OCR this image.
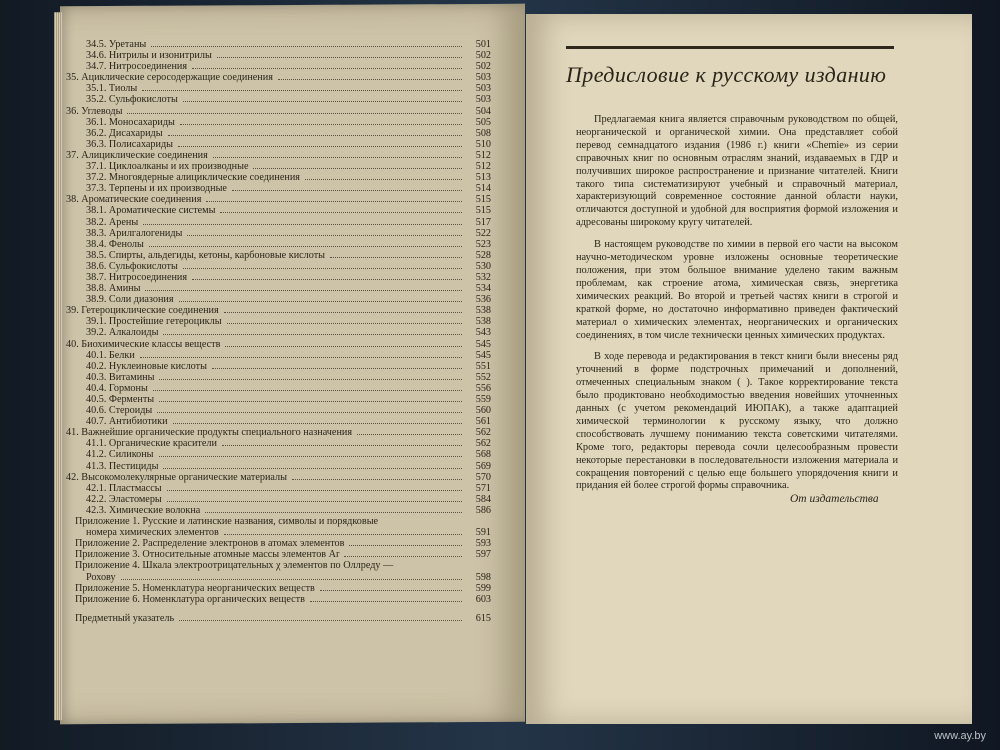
34.5. Уретаны	501
34.6. Нитрилы и изонитрилы	502
34.7. Нитросоединения	502
35. Ациклические серосодержащие соединения	503
35.1. Тиолы	503
35.2. Сульфокислоты	503
36. Углеводы	504
36.1. Моносахариды	505
36.2. Дисахариды	508
36.3. Полисахариды	510
37. Алициклические соединения	512
37.1. Циклоалканы и их производные	512
37.2. Многоядерные алициклические соединения	513
37.3. Терпены и их производные	514
38. Ароматические соединения	515
38.1. Ароматические системы	515
38.2. Арены	517
38.3. Арилгалогениды	522
38.4. Фенолы	523
38.5. Спирты, альдегиды, кетоны, карбоновые кислоты	528
38.6. Сульфокислоты	530
38.7. Нитросоединения	532
38.8. Амины	534
38.9. Соли диазония	536
39. Гетероциклические соединения	538
39.1. Простейшие гетероциклы	538
39.2. Алкалоиды	543
40. Биохимические классы веществ	545
40.1. Белки	545
40.2. Нуклеиновые кислоты	551
40.3. Витамины	552
40.4. Гормоны	556
40.5. Ферменты	559
40.6. Стероиды	560
40.7. Антибиотики	561
41. Важнейшие органические продукты специального назначения	562
41.1. Органические красители	562
41.2. Силиконы	568
41.3. Пестициды	569
42. Высокомолекулярные органические материалы	570
42.1. Пластмассы	571
42.2. Эластомеры	584
42.3. Химические волокна	586
Приложение 1. Русские и латинские названия, символы и порядковые
номера химических элементов	591
Приложение 2. Распределение электронов в атомах элементов	593
Приложение 3. Относительные атомные массы элементов Ar	597
Приложение 4. Шкала электроотрицательных χ элементов по Оллреду —
Рохову	598
Приложение 5. Номенклатура неорганических веществ	599
Приложение 6. Номенклатура органических веществ	603
Предметный указатель	615
Предисловие к русскому изданию

Предлагаемая книга является справочным руководством по общей, неорганической и органической химии. Она представляет собой перевод семнадцатого издания (1986 г.) книги «Chemie» из серии справочных книг по основным отраслям знаний, издаваемых в ГДР и получивших широкое распространение и признание читателей. Книги такого типа систематизируют учебный и справочный материал, характеризующий современное состояние данной области науки, отличаются доступной и удобной для восприятия формой изложения и адресованы широкому кругу читателей.

В настоящем руководстве по химии в первой его части на высоком научно-методическом уровне изложены основные теоретические положения, при этом большое внимание уделено таким важным проблемам, как строение атома, химическая связь, энергетика химических реакций. Во второй и третьей частях книги в строгой и краткой форме, но достаточно информативно приведен фактический материал о химических элементах, неорганических и органических соединениях, в том числе технически ценных химических продуктах.

В ходе перевода и редактирования в текст книги были внесены ряд уточнений в форме подстрочных примечаний и дополнений, отмеченных специальным знаком ( ). Такое корректирование текста было продиктовано необходимостью введения новейших уточненных данных (с учетом рекомендаций ИЮПАК), а также адаптацией химической терминологии к русскому языку, что должно способствовать лучшему пониманию текста советскими читателями. Кроме того, редакторы перевода сочли целесообразным провести некоторые перестановки в последовательности изложения материала и сокращения повторений с целью еще большего упорядочения книги и придания ей более строгой формы справочника.

От издательства
www.ay.by
